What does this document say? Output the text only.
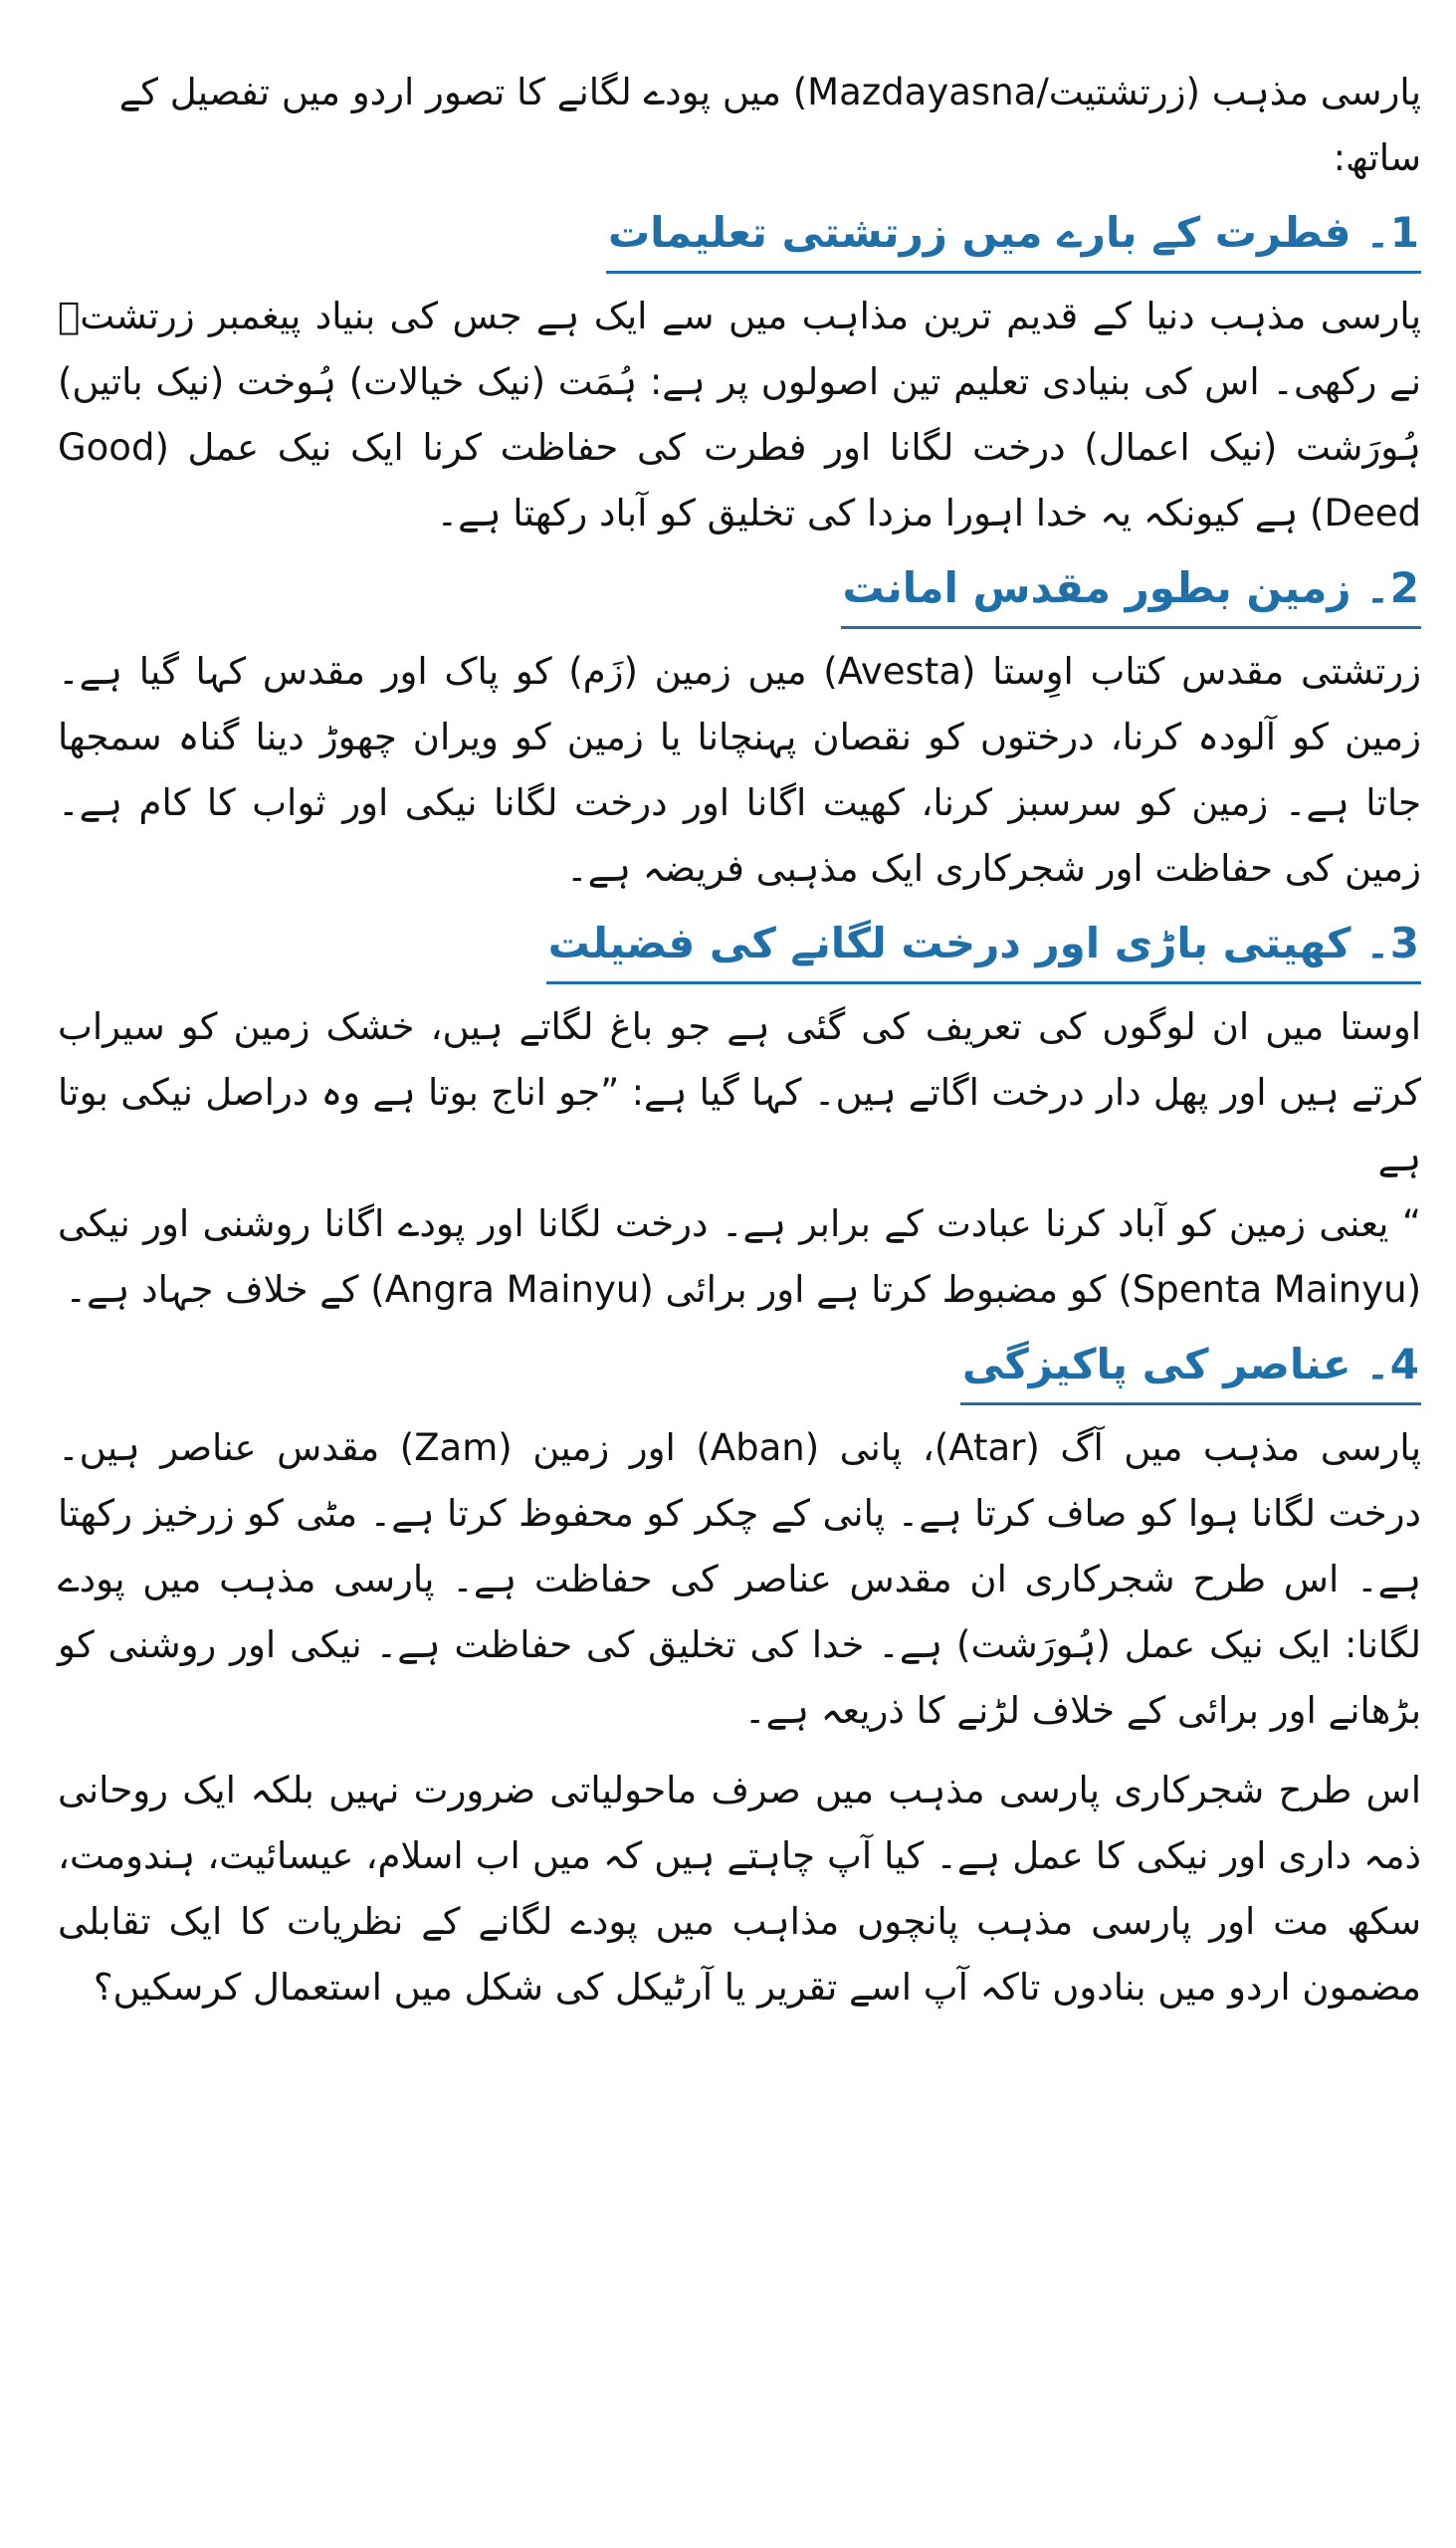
پارسی مذہب (زرتشتیت/Mazdayasna) میں پودے لگانے کا تصور اردو میں تفصیل کے ساتھ:

1۔ فطرت کے بارے میں زرتشتی تعلیمات

پارسی مذہب دنیا کے قدیم ترین مذاہب میں سے ایک ہے جس کی بنیاد پیغمبر زرتشتؑ نے رکھی۔ اس کی بنیادی تعلیم تین اصولوں پر ہے: ہُمَت (نیک خیالات) ہُوخت (نیک باتیں) ہُورَشت (نیک اعمال) درخت لگانا اور فطرت کی حفاظت کرنا ایک نیک عمل (Good Deed) ہے کیونکہ یہ خدا اہورا مزدا کی تخلیق کو آباد رکھتا ہے۔

2۔ زمین بطور مقدس امانت

زرتشتی مقدس کتاب اوِستا (Avesta) میں زمین (زَم) کو پاک اور مقدس کہا گیا ہے۔ زمین کو آلودہ کرنا، درختوں کو نقصان پہنچانا یا زمین کو ویران چھوڑ دینا گناہ سمجھا جاتا ہے۔ زمین کو سرسبز کرنا، کھیت اگانا اور درخت لگانا نیکی اور ثواب کا کام ہے۔ زمین کی حفاظت اور شجرکاری ایک مذہبی فریضہ ہے۔

3۔ کھیتی باڑی اور درخت لگانے کی فضیلت

اوستا میں ان لوگوں کی تعریف کی گئی ہے جو باغ لگاتے ہیں، خشک زمین کو سیراب کرتے ہیں اور پھل دار درخت اگاتے ہیں۔ کہا گیا ہے: ”جو اناج بوتا ہے وہ دراصل نیکی بوتا ہے

“ یعنی زمین کو آباد کرنا عبادت کے برابر ہے۔ درخت لگانا اور پودے اگانا روشنی اور نیکی (Spenta Mainyu) کو مضبوط کرتا ہے اور برائی (Angra Mainyu) کے خلاف جہاد ہے۔

4۔ عناصر کی پاکیزگی

پارسی مذہب میں آگ (Atar)، پانی (Aban) اور زمین (Zam) مقدس عناصر ہیں۔ درخت لگانا ہوا کو صاف کرتا ہے۔ پانی کے چکر کو محفوظ کرتا ہے۔ مٹی کو زرخیز رکھتا ہے۔ اس طرح شجرکاری ان مقدس عناصر کی حفاظت ہے۔ پارسی مذہب میں پودے لگانا: ایک نیک عمل (ہُورَشت) ہے۔ خدا کی تخلیق کی حفاظت ہے۔ نیکی اور روشنی کو بڑھانے اور برائی کے خلاف لڑنے کا ذریعہ ہے۔

اس طرح شجرکاری پارسی مذہب میں صرف ماحولیاتی ضرورت نہیں بلکہ ایک روحانی ذمہ داری اور نیکی کا عمل ہے۔ کیا آپ چاہتے ہیں کہ میں اب اسلام، عیسائیت، ہندومت، سکھ مت اور پارسی مذہب پانچوں مذاہب میں پودے لگانے کے نظریات کا ایک تقابلی مضمون اردو میں بنادوں تاکہ آپ اسے تقریر یا آرٹیکل کی شکل میں استعمال کرسکیں؟
